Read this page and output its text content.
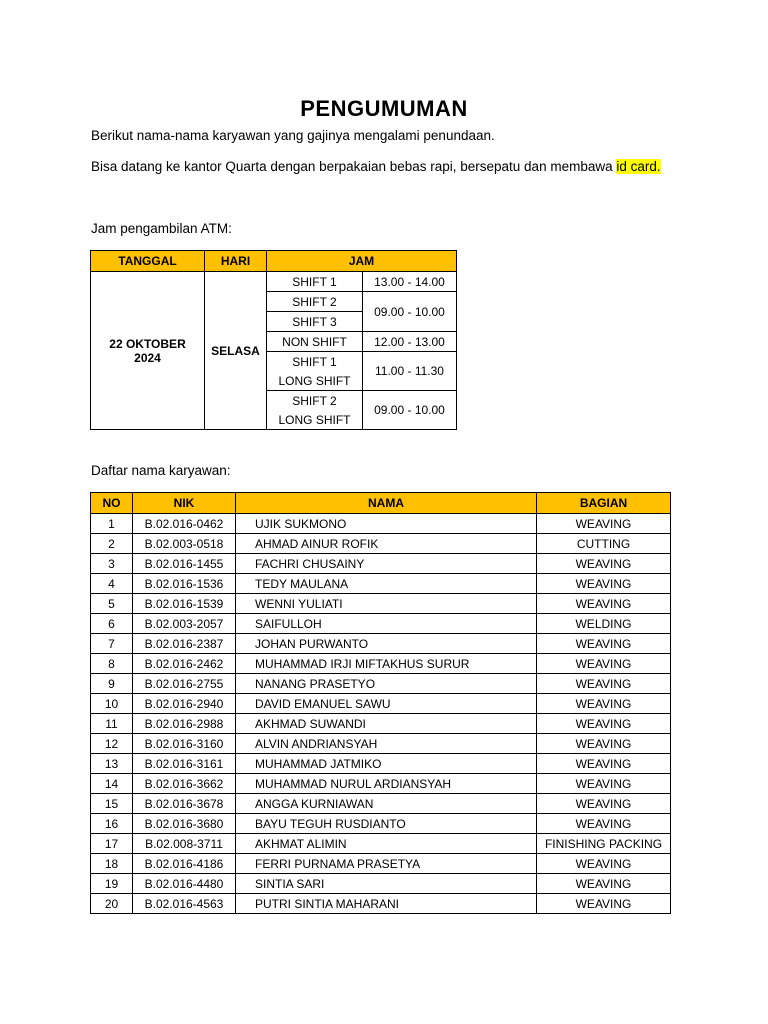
PENGUMUMAN
Berikut nama-nama karyawan yang gajinya mengalami penundaan.
Bisa datang ke kantor Quarta dengan berpakaian bebas rapi, bersepatu dan membawa id card.
Jam pengambilan ATM:
TANGGAL	HARI	JAM	

22 OKTOBER
2024	SELASA	SHIFT 1	13.00 - 14.00
		SHIFT 2	09.00 - 10.00
		SHIFT 3	
		NON SHIFT	12.00 - 13.00
		SHIFT 1	11.00 - 11.30
		LONG SHIFT	
		SHIFT 2	09.00 - 10.00
		LONG SHIFT	
Daftar nama karyawan:
NO	NIK	NAMA	BAGIAN
1	B.02.016-0462	UJIK SUKMONO	WEAVING
2	B.02.003-0518	AHMAD AINUR ROFIK	CUTTING
3	B.02.016-1455	FACHRI CHUSAINY	WEAVING
4	B.02.016-1536	TEDY MAULANA	WEAVING
5	B.02.016-1539	WENNI YULIATI	WEAVING
6	B.02.003-2057	SAIFULLOH	WELDING
7	B.02.016-2387	JOHAN PURWANTO	WEAVING
8	B.02.016-2462	MUHAMMAD IRJI MIFTAKHUS SURUR	WEAVING
9	B.02.016-2755	NANANG PRASETYO	WEAVING
10	B.02.016-2940	DAVID EMANUEL SAWU	WEAVING
11	B.02.016-2988	AKHMAD SUWANDI	WEAVING
12	B.02.016-3160	ALVIN ANDRIANSYAH	WEAVING
13	B.02.016-3161	MUHAMMAD JATMIKO	WEAVING
14	B.02.016-3662	MUHAMMAD NURUL ARDIANSYAH	WEAVING
15	B.02.016-3678	ANGGA KURNIAWAN	WEAVING
16	B.02.016-3680	BAYU TEGUH RUSDIANTO	WEAVING
17	B.02.008-3711	AKHMAT ALIMIN	FINISHING PACKING
18	B.02.016-4186	FERRI PURNAMA PRASETYA	WEAVING
19	B.02.016-4480	SINTIA SARI	WEAVING
20	B.02.016-4563	PUTRI SINTIA MAHARANI	WEAVING
